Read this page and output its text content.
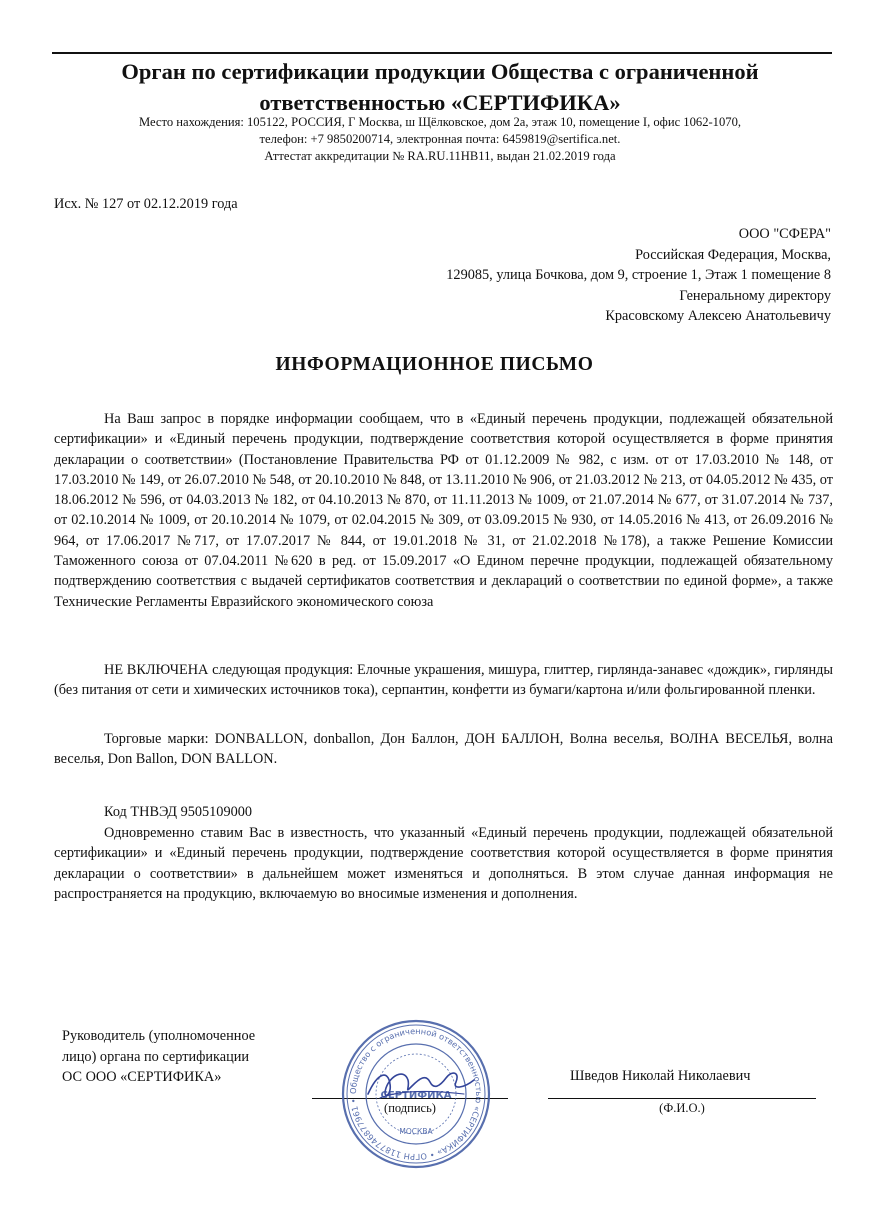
Орган по сертификации продукции Общества с ограниченной
ответственностью «СЕРТИФИКА»
Место нахождения: 105122, РОССИЯ, Г Москва, ш Щёлковское, дом 2а, этаж 10, помещение I, офис 1062-1070,
телефон: +7 9850200714, электронная почта: 6459819@sertifica.net.
Аттестат аккредитации № RA.RU.11HB11, выдан 21.02.2019 года
Исх. № 127 от 02.12.2019 года
ООО "СФЕРА"
Российская Федерация, Москва,
129085, улица Бочкова, дом 9, строение 1, Этаж 1 помещение 8
Генеральному директору
Красовскому Алексею Анатольевичу
ИНФОРМАЦИОННОЕ ПИСЬМО

На Ваш запрос в порядке информации сообщаем, что в «Единый перечень продукции, подлежащей обязательной сертификации» и «Единый перечень продукции, подтверждение соответствия которой осуществляется в форме принятия декларации о соответствии» (Постановление Правительства РФ от 01.12.2009 № 982, с изм. от от 17.03.2010 № 148, от 17.03.2010 № 149, от 26.07.2010 № 548, от 20.10.2010 № 848, от 13.11.2010 № 906, от 21.03.2012 № 213, от 04.05.2012 № 435, от 18.06.2012 № 596, от 04.03.2013 № 182, от 04.10.2013 № 870, от 11.11.2013 № 1009, от 21.07.2014 № 677, от 31.07.2014 № 737, от 02.10.2014 № 1009, от 20.10.2014 № 1079, от 02.04.2015 № 309, от 03.09.2015 № 930, от 14.05.2016 № 413, от 26.09.2016 № 964, от 17.06.2017 №717, от 17.07.2017 № 844, от 19.01.2018 № 31, от 21.02.2018 №178), а также Решение Комиссии Таможенного союза от 07.04.2011 №620 в ред. от 15.09.2017 «О Едином перечне продукции, подлежащей обязательному подтверждению соответствия с выдачей сертификатов соответствия и деклараций о соответствии по единой форме», а также Технические Регламенты Евразийского экономического союза

НЕ ВКЛЮЧЕНА следующая продукция: Елочные украшения, мишура, глиттер, гирлянда-занавес «дождик», гирлянды (без питания от сети и химических источников тока), серпантин, конфетти из бумаги/картона и/или фольгированной пленки.

Торговые марки: DONBALLON, donballon, Дон Баллон, ДОН БАЛЛОН, Волна веселья, ВОЛНА ВЕСЕЛЬЯ, волна веселья, Don Ballon, DON BALLON.

Код ТНВЭД 9505109000

Одновременно ставим Вас в известность, что указанный «Единый перечень продукции, подлежащей обязательной сертификации» и «Единый перечень продукции, подтверждение соответствия которой осуществляется в форме принятия декларации о соответствии» в дальнейшем может изменяться и дополняться. В этом случае данная информация не распространяется на продукцию, включаемую во вносимые изменения и дополнения.

Руководитель (уполномоченное
лицо) органа по сертификации
ОС ООО «СЕРТИФИКА»	Шведов Николай Николаевич
(подпись)	(Ф.И.О.)
Общество с ограниченной ответственностью «СЕРТИФИКА» • ОГРН 1187746877961 •	СЕРТИФИКА
МОСКВА
